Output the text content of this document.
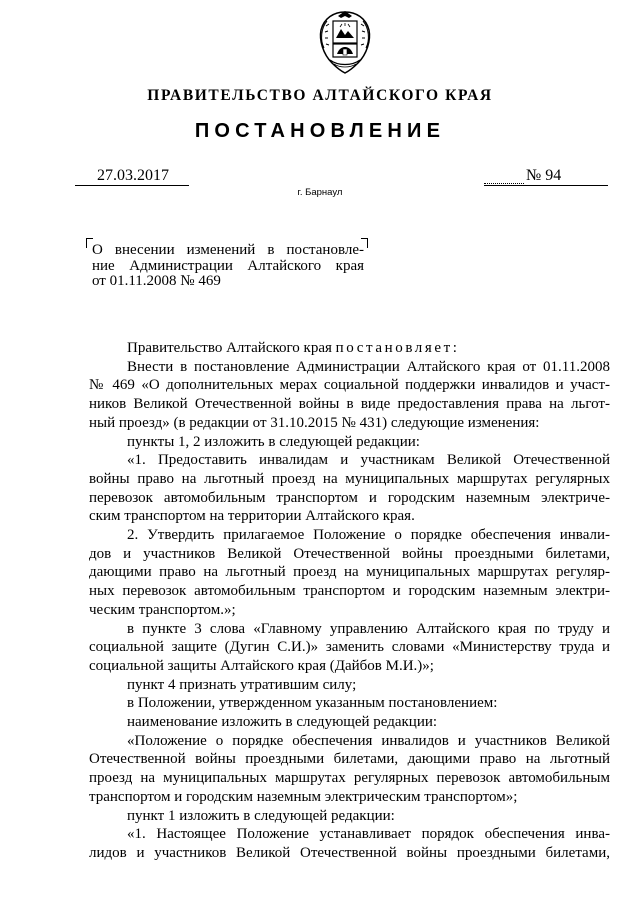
ПРАВИТЕЛЬСТВО АЛТАЙСКОГО КРАЯ
ПОСТАНОВЛЕНИЕ
27.03.2017	№ 94
г. Барнаул
О внесении изменений в постановле-
ние Администрации Алтайского края
от 01.11.2008 № 469
Правительство Алтайского края постановляет:
Внести в постановление Администрации Алтайского края от 01.11.2008
№ 469 «О дополнительных мерах социальной поддержки инвалидов и участ-
ников Великой Отечественной войны в виде предоставления права на льгот-
ный проезд» (в редакции от 31.10.2015 № 431) следующие изменения:
пункты 1, 2 изложить в следующей редакции:
«1. Предоставить инвалидам и участникам Великой Отечественной
войны право на льготный проезд на муниципальных маршрутах регулярных
перевозок автомобильным транспортом и городским наземным электриче-
ским транспортом на территории Алтайского края.
2. Утвердить прилагаемое Положение о порядке обеспечения инвали-
дов и участников Великой Отечественной войны проездными билетами,
дающими право на льготный проезд на муниципальных маршрутах регуляр-
ных перевозок автомобильным транспортом и городским наземным электри-
ческим транспортом.»;
в пункте 3 слова «Главному управлению Алтайского края по труду и
социальной защите (Дугин С.И.)» заменить словами «Министерству труда и
социальной защиты Алтайского края (Дайбов М.И.)»;
пункт 4 признать утратившим силу;
в Положении, утвержденном указанным постановлением:
наименование изложить в следующей редакции:
«Положение о порядке обеспечения инвалидов и участников Великой
Отечественной войны проездными билетами, дающими право на льготный
проезд на муниципальных маршрутах регулярных перевозок автомобильным
транспортом и городским наземным электрическим транспортом»;
пункт 1 изложить в следующей редакции:
«1. Настоящее Положение устанавливает порядок обеспечения инва-
лидов и участников Великой Отечественной войны проездными билетами,
